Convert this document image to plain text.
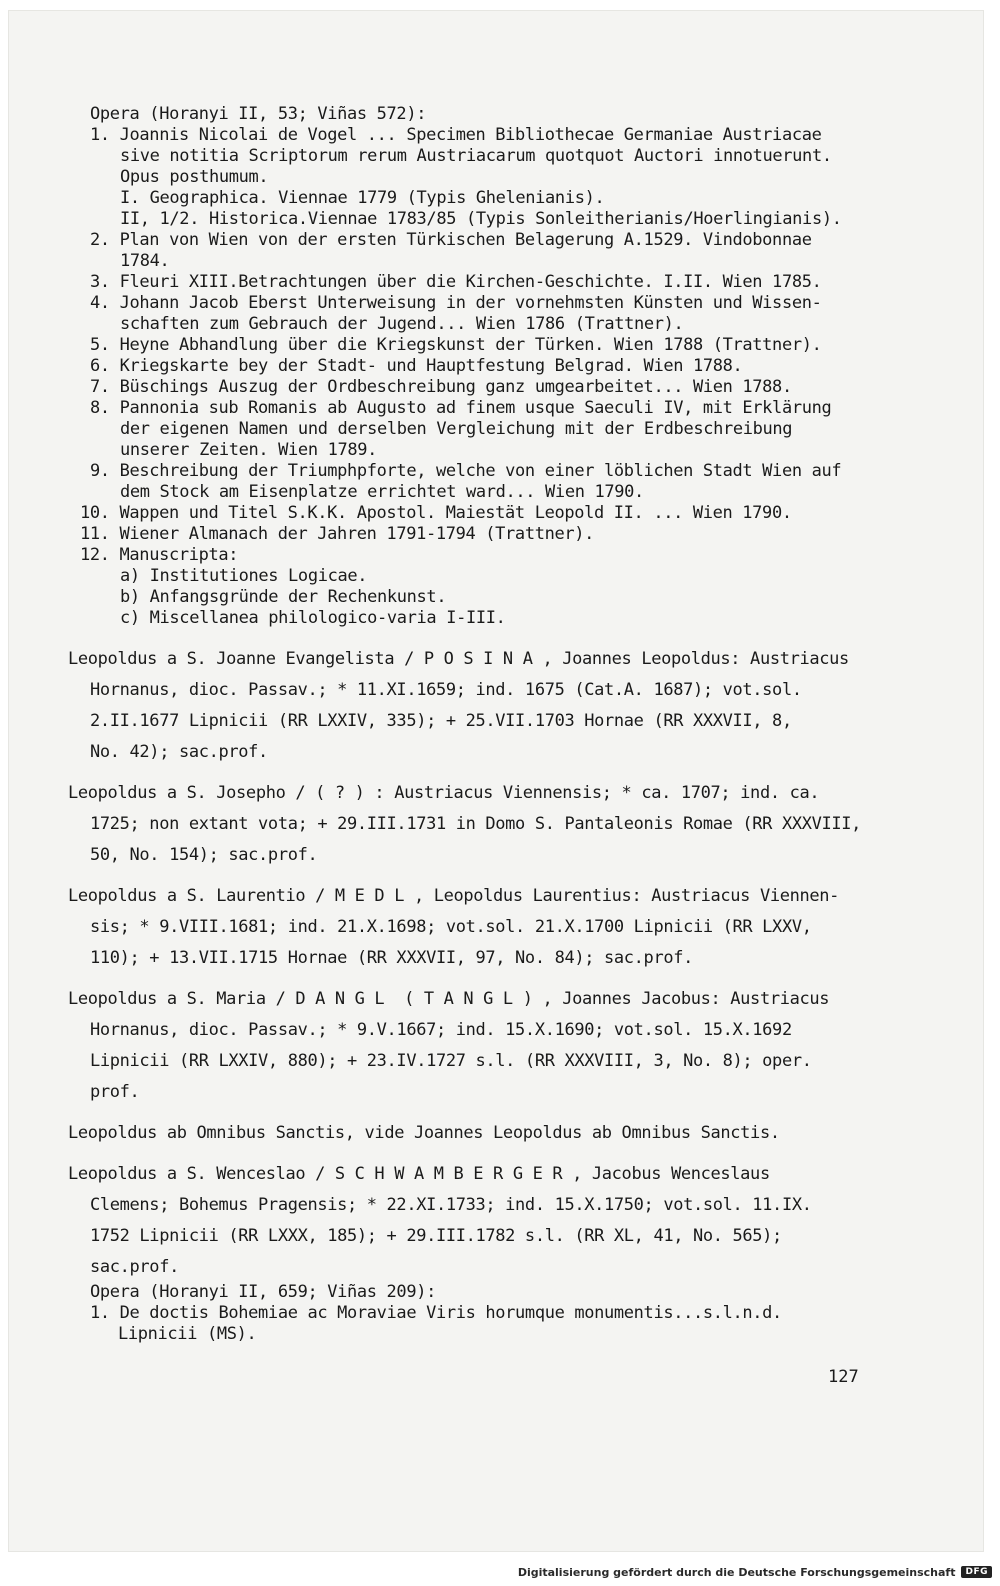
Opera (Horanyi II, 53; Viñas 572):
1. Joannis Nicolai de Vogel ... Specimen Bibliothecae Germaniae Austriacae
sive notitia Scriptorum rerum Austriacarum quotquot Auctori innotuerunt.
Opus posthumum.
I. Geographica. Viennae 1779 (Typis Ghelenianis).
II, 1/2. Historica.Viennae 1783/85 (Typis Sonleitherianis/Hoerlingianis).
2. Plan von Wien von der ersten Türkischen Belagerung A.1529. Vindobonnae
1784.
3. Fleuri XIII.Betrachtungen über die Kirchen-Geschichte. I.II. Wien 1785.
4. Johann Jacob Eberst Unterweisung in der vornehmsten Künsten und Wissen-
schaften zum Gebrauch der Jugend... Wien 1786 (Trattner).
5. Heyne Abhandlung über die Kriegskunst der Türken. Wien 1788 (Trattner).
6. Kriegskarte bey der Stadt- und Hauptfestung Belgrad. Wien 1788.
7. Büschings Auszug der Ordbeschreibung ganz umgearbeitet... Wien 1788.
8. Pannonia sub Romanis ab Augusto ad finem usque Saeculi IV, mit Erklärung
der eigenen Namen und derselben Vergleichung mit der Erdbeschreibung
unserer Zeiten. Wien 1789.
9. Beschreibung der Triumphpforte, welche von einer löblichen Stadt Wien auf
dem Stock am Eisenplatze errichtet ward... Wien 1790.
10. Wappen und Titel S.K.K. Apostol. Maiestät Leopold II. ... Wien 1790.
11. Wiener Almanach der Jahren 1791-1794 (Trattner).
12. Manuscripta:
a) Institutiones Logicae.
b) Anfangsgründe der Rechenkunst.
c) Miscellanea philologico-varia I-III.
Leopoldus a S. Joanne Evangelista / P O S I N A , Joannes Leopoldus: Austriacus
Hornanus, dioc. Passav.; * 11.XI.1659; ind. 1675 (Cat.A. 1687); vot.sol.
2.II.1677 Lipnicii (RR LXXIV, 335); + 25.VII.1703 Hornae (RR XXXVII, 8,
No. 42); sac.prof.
Leopoldus a S. Josepho / ( ? ) : Austriacus Viennensis; * ca. 1707; ind. ca.
1725; non extant vota; + 29.III.1731 in Domo S. Pantaleonis Romae (RR XXXVIII,
50, No. 154); sac.prof.
Leopoldus a S. Laurentio / M E D L , Leopoldus Laurentius: Austriacus Viennen-
sis; * 9.VIII.1681; ind. 21.X.1698; vot.sol. 21.X.1700 Lipnicii (RR LXXV,
110); + 13.VII.1715 Hornae (RR XXXVII, 97, No. 84); sac.prof.
Leopoldus a S. Maria / D A N G L  ( T A N G L ) , Joannes Jacobus: Austriacus
Hornanus, dioc. Passav.; * 9.V.1667; ind. 15.X.1690; vot.sol. 15.X.1692
Lipnicii (RR LXXIV, 880); + 23.IV.1727 s.l. (RR XXXVIII, 3, No. 8); oper.
prof.
Leopoldus ab Omnibus Sanctis, vide Joannes Leopoldus ab Omnibus Sanctis.
Leopoldus a S. Wenceslao / S C H W A M B E R G E R , Jacobus Wenceslaus
Clemens; Bohemus Pragensis; * 22.XI.1733; ind. 15.X.1750; vot.sol. 11.IX.
1752 Lipnicii (RR LXXX, 185); + 29.III.1782 s.l. (RR XL, 41, No. 565);
sac.prof.
Opera (Horanyi II, 659; Viñas 209):
1. De doctis Bohemiae ac Moraviae Viris horumque monumentis...s.l.n.d.
Lipnicii (MS).
127
Digitalisierung gefördert durch die Deutsche Forschungsgemeinschaft	DFG
